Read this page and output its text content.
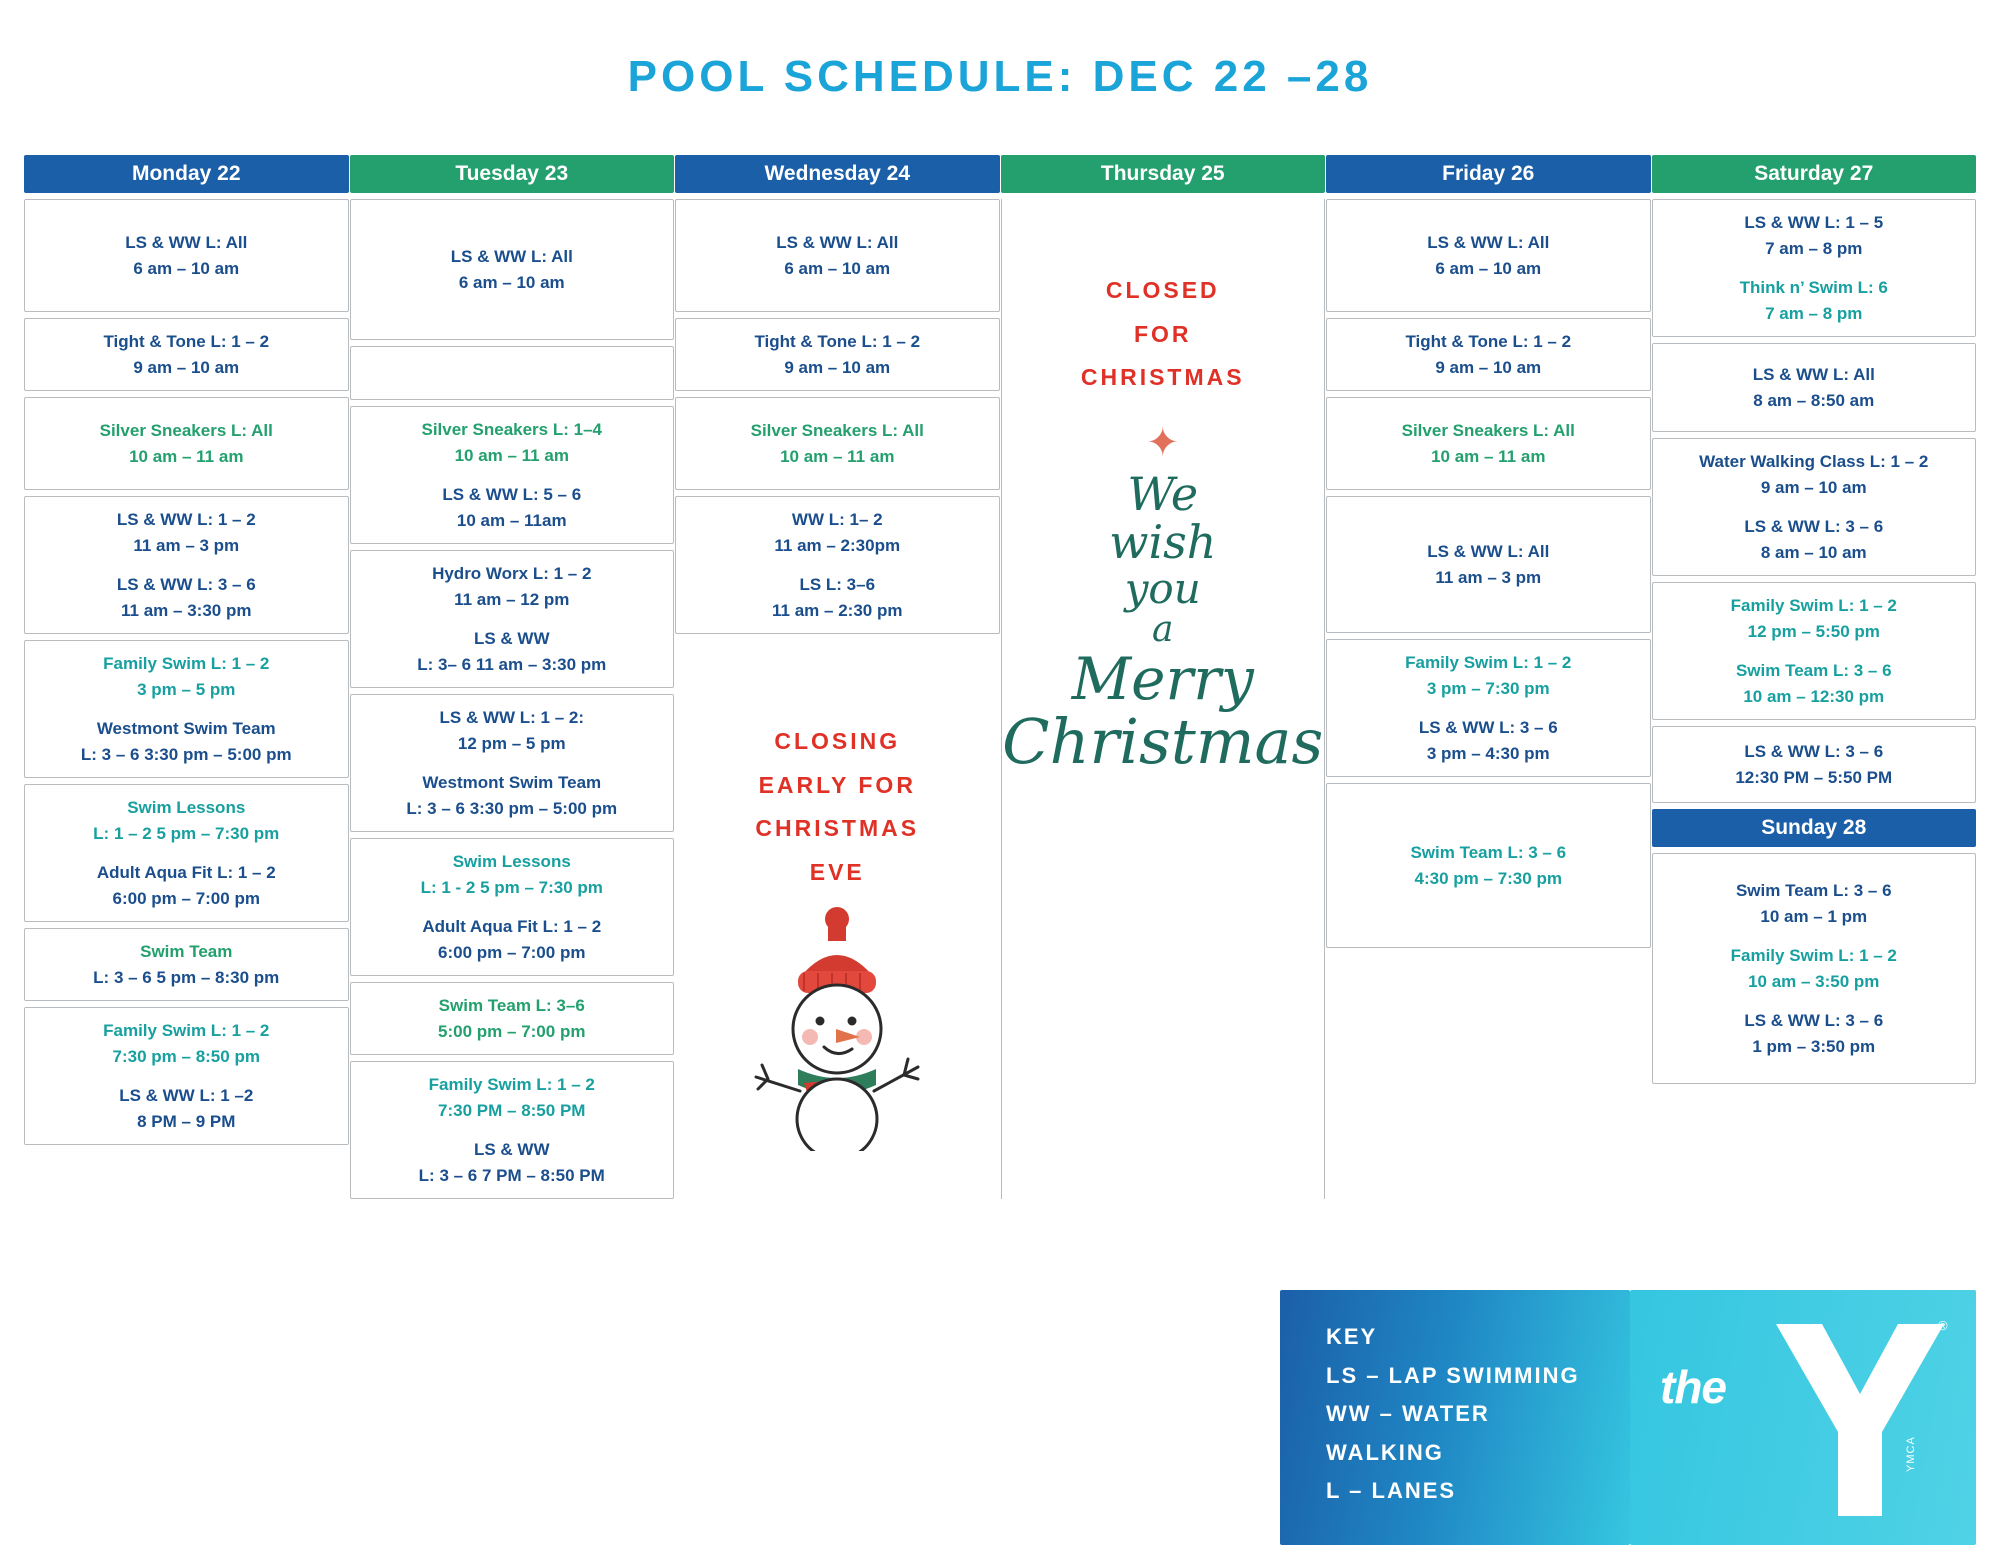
POOL SCHEDULE: DEC 22 –28
Monday 22
LS & WW L: All
6 am – 10 am
Tight & Tone L: 1 – 2
9 am – 10 am
Silver Sneakers L: All
10 am – 11 am
LS & WW L: 1 – 2
11 am – 3 pm
LS & WW L: 3 – 6
11 am – 3:30 pm
Family Swim L: 1 – 2
3 pm – 5 pm
Westmont Swim Team
L: 3 – 6 3:30 pm – 5:00 pm
Swim Lessons
L: 1 – 2 5 pm – 7:30 pm
Adult Aqua Fit L: 1 – 2
6:00 pm – 7:00 pm
Swim Team
L: 3 – 6 5 pm – 8:30 pm
Family Swim L: 1 – 2
7:30 pm – 8:50 pm
LS & WW L: 1 –2
8 PM – 9 PM
Tuesday 23
LS & WW L: All
6 am – 10 am
Silver Sneakers L: 1–4
10 am – 11 am
LS & WW L: 5 – 6
10 am – 11am
Hydro Worx L: 1 – 2
11 am – 12 pm
LS & WW
L: 3– 6 11 am – 3:30 pm
LS & WW L: 1 – 2:
12 pm – 5 pm
Westmont Swim Team
L: 3 – 6 3:30 pm – 5:00 pm
Swim Lessons
L: 1 - 2 5 pm – 7:30 pm
Adult Aqua Fit L: 1 – 2
6:00 pm – 7:00 pm
Swim Team L: 3–6
5:00 pm – 7:00 pm
Family Swim L: 1 – 2
7:30 PM – 8:50 PM
LS & WW
L: 3 – 6 7 PM – 8:50 PM
Wednesday 24
LS & WW L: All
6 am – 10 am
Tight & Tone L: 1 – 2
9 am – 10 am
Silver Sneakers L: All
10 am – 11 am
WW L: 1– 2
11 am – 2:30pm
LS L: 3–6
11 am – 2:30 pm
CLOSING
EARLY FOR
CHRISTMAS
EVE
Thursday 25
CLOSED
FOR
CHRISTMAS
✦
We
wish
you
a
Merry
Christmas
Friday 26
LS & WW L: All
6 am – 10 am
Tight & Tone L: 1 – 2
9 am – 10 am
Silver Sneakers L: All
10 am – 11 am
LS & WW L: All
11 am – 3 pm
Family Swim L: 1 – 2
3 pm – 7:30 pm
LS & WW L: 3 – 6
3 pm – 4:30 pm
Swim Team L: 3 – 6
4:30 pm – 7:30 pm
Saturday 27
LS & WW L: 1 – 5
7 am – 8 pm
Think n’ Swim L: 6
7 am – 8 pm
LS & WW L: All
8 am – 8:50 am
Water Walking Class L: 1 – 2
9 am – 10 am
LS & WW L: 3 – 6
8 am – 10 am
Family Swim L: 1 – 2
12 pm – 5:50 pm
Swim Team L: 3 – 6
10 am – 12:30 pm
LS & WW L: 3 – 6
12:30 PM – 5:50 PM
Sunday 28
Swim Team L: 3 – 6
10 am – 1 pm
Family Swim L: 1 – 2
10 am – 3:50 pm
LS & WW L: 3 – 6
1 pm – 3:50 pm
KEY
LS – LAP SWIMMING
WW – WATER
WALKING
L – LANES
the
®
YMCA
